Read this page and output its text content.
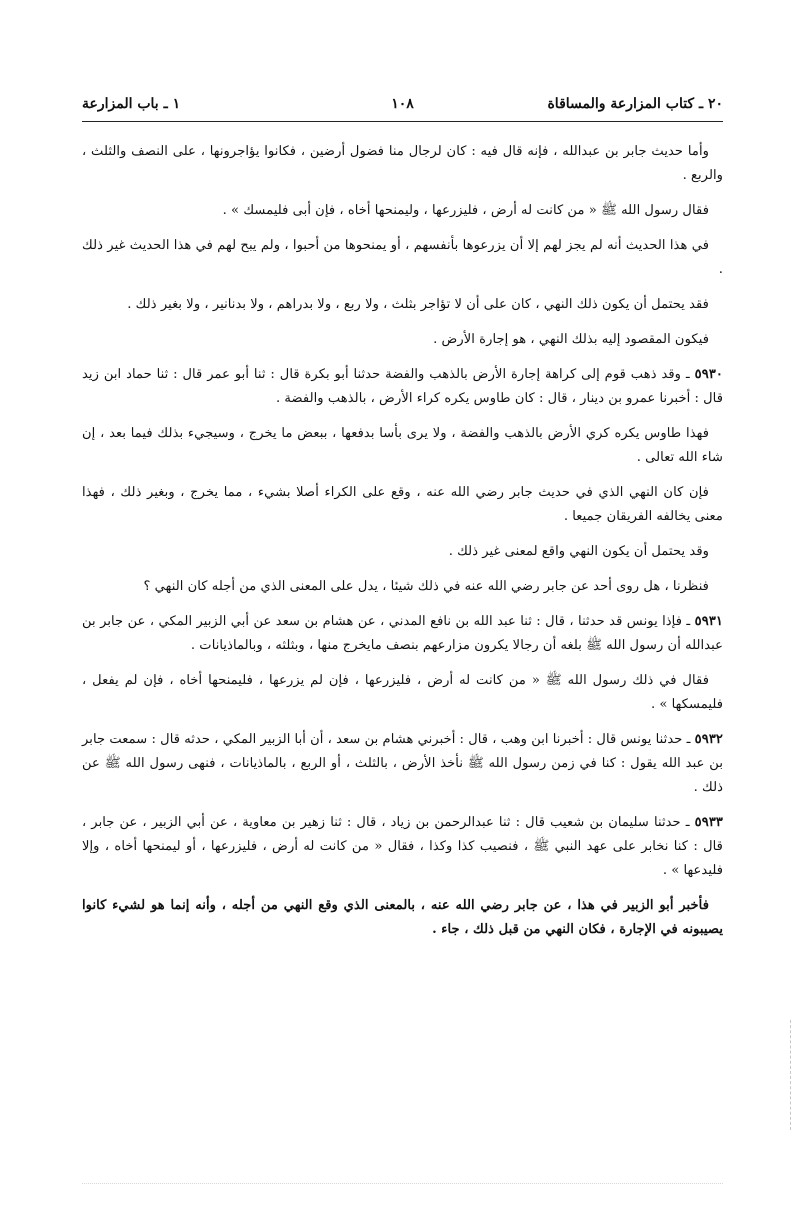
٢٠ ـ كتاب المزارعة والمساقاة
١٠٨
١ ـ باب المزارعة

وأما حديث جابر بن عبدالله ، فإنه قال فيه : كان لرجال منا فضول أرضين ، فكانوا يؤاجرونها ، على النصف والثلث ، والربع .

فقال رسول الله ﷺ « من كانت له أرض ، فليزرعها ، وليمنحها أخاه ، فإن أبى فليمسك » .

في هذا الحديث أنه لم يجز لهم إلا أن يزرعوها بأنفسهم ، أو يمنحوها من أحبوا ، ولم يبح لهم في هذا الحديث غير ذلك .

فقد يحتمل أن يكون ذلك النهي ، كان على أن لا تؤاجر بثلث ، ولا ربع ، ولا بدراهم ، ولا بدنانير ، ولا بغير ذلك .

فيكون المقصود إليه بذلك النهي ، هو إجارة الأرض .

٥٩٣٠ ـ وقد ذهب قوم إلى كراهة إجارة الأرض بالذهب والفضة حدثنا أبو بكرة قال : ثنا أبو عمر قال : ثنا حماد ابن زيد قال : أخبرنا عمرو بن دينار ، قال : كان طاوس يكره كراء الأرض ، بالذهب والفضة .

فهذا طاوس يكره كري الأرض بالذهب والفضة ، ولا يرى بأسا بدفعها ، ببعض ما يخرج ، وسيجيء بذلك فيما بعد ، إن شاء الله تعالى .

فإن كان النهي الذي في حديث جابر رضي الله عنه ، وقع على الكراء أصلا بشيء ، مما يخرج ، وبغير ذلك ، فهذا معنى يخالفه الفريقان جميعا .

وقد يحتمل أن يكون النهي واقع لمعنى غير ذلك .

فنظرنا ، هل روى أحد عن جابر رضي الله عنه في ذلك شيئا ، يدل على المعنى الذي من أجله كان النهي ؟

٥٩٣١ ـ فإذا يونس قد حدثنا ، قال : ثنا عبد الله بن نافع المدني ، عن هشام بن سعد عن أبي الزبير المكي ، عن جابر بن عبدالله أن رسول الله ﷺ بلغه أن رجالا يكرون مزارعهم بنصف مايخرج منها ، وبثلثه ، وبالماذيانات .

فقال في ذلك رسول الله ﷺ « من كانت له أرض ، فليزرعها ، فإن لم يزرعها ، فليمنحها أخاه ، فإن لم يفعل ، فليمسكها » .

٥٩٣٢ ـ حدثنا يونس قال : أخبرنا ابن وهب ، قال : أخبرني هشام بن سعد ، أن أبا الزبير المكي ، حدثه قال : سمعت جابر بن عبد الله يقول : كنا في زمن رسول الله ﷺ نأخذ الأرض ، بالثلث ، أو الربع ، بالماذيانات ، فنهى رسول الله ﷺ عن ذلك .

٥٩٣٣ ـ حدثنا سليمان بن شعيب قال : ثنا عبدالرحمن بن زياد ، قال : ثنا زهير بن معاوية ، عن أبي الزبير ، عن جابر ، قال : كنا نخابر على عهد النبي ﷺ ، فنصيب كذا وكذا ، فقال « من كانت له أرض ، فليزرعها ، أو ليمنحها أخاه ، وإلا فليدعها » .

فأخبر أبو الزبير في هذا ، عن جابر رضي الله عنه ، بالمعنى الذي وقع النهي من أجله ، وأنه إنما هو لشيء كانوا يصيبونه في الإجارة ، فكان النهي من قبل ذلك ، جاء .
